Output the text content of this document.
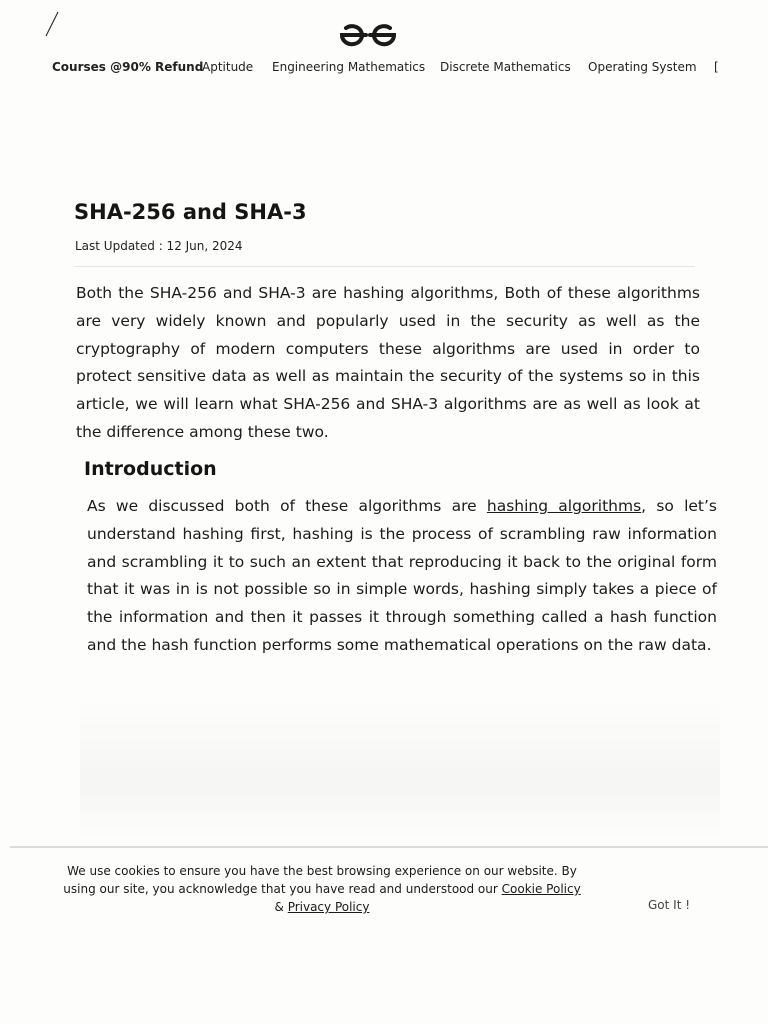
Courses @90% Refund
Aptitude Engineering Mathematics Discrete Mathematics Operating System [
SHA-256 and SHA-3
Last Updated : 12 Jun, 2024

Both the SHA-256 and SHA-3 are hashing algorithms, Both of these algorithms are very widely known and popularly used in the security as well as the cryptography of modern computers these algorithms are used in order to protect sensitive data as well as maintain the security of the systems so in this article, we will learn what SHA-256 and SHA-3 algorithms are as well as look at the difference among these two.

Introduction

As we discussed both of these algorithms are hashing algorithms, so let’s understand hashing first, hashing is the process of scrambling raw information and scrambling it to such an extent that reproducing it back to the original form that it was in is not possible so in simple words, hashing simply takes a piece of the information and then it passes it through something called a hash function and the hash function performs some mathematical operations on the raw data.

We use cookies to ensure you have the best browsing experience on our website. By using our site, you acknowledge that you have read and understood our Cookie Policy & Privacy Policy	Got It !
